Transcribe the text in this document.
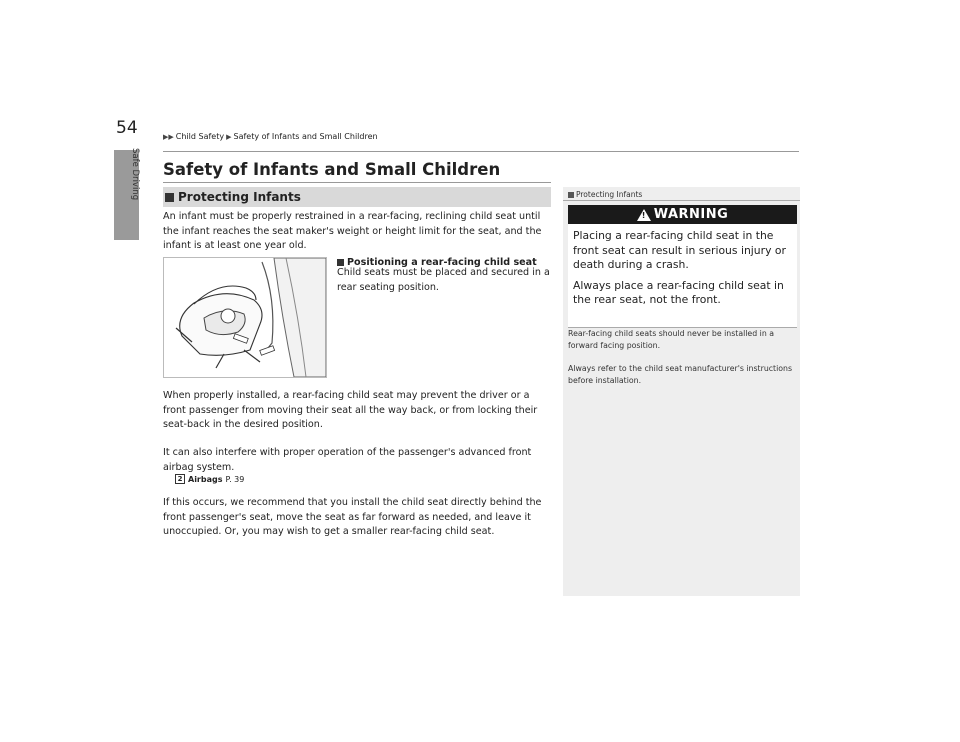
54
Safe Driving
▶▶ Child Safety ▶ Safety of Infants and Small Children
Safety of Infants and Small Children
Protecting Infants

An infant must be properly restrained in a rear-facing, reclining child seat until the infant reaches the seat maker's weight or height limit for the seat, and the infant is at least one year old.

Positioning a rear-facing child seat

Child seats must be placed and secured in a rear seating position.

When properly installed, a rear-facing child seat may prevent the driver or a front passenger from moving their seat all the way back, or from locking their seat-back in the desired position.

It can also interfere with proper operation of the passenger's advanced front airbag system.

2 Airbags P. 39

If this occurs, we recommend that you install the child seat directly behind the front passenger's seat, move the seat as far forward as needed, and leave it unoccupied. Or, you may wish to get a smaller rear-facing child seat.

Protecting Infants
! WARNING

Placing a rear-facing child seat in the front seat can result in serious injury or death during a crash.

Always place a rear-facing child seat in the rear seat, not the front.

Rear-facing child seats should never be installed in a forward facing position.

Always refer to the child seat manufacturer's instructions before installation.
